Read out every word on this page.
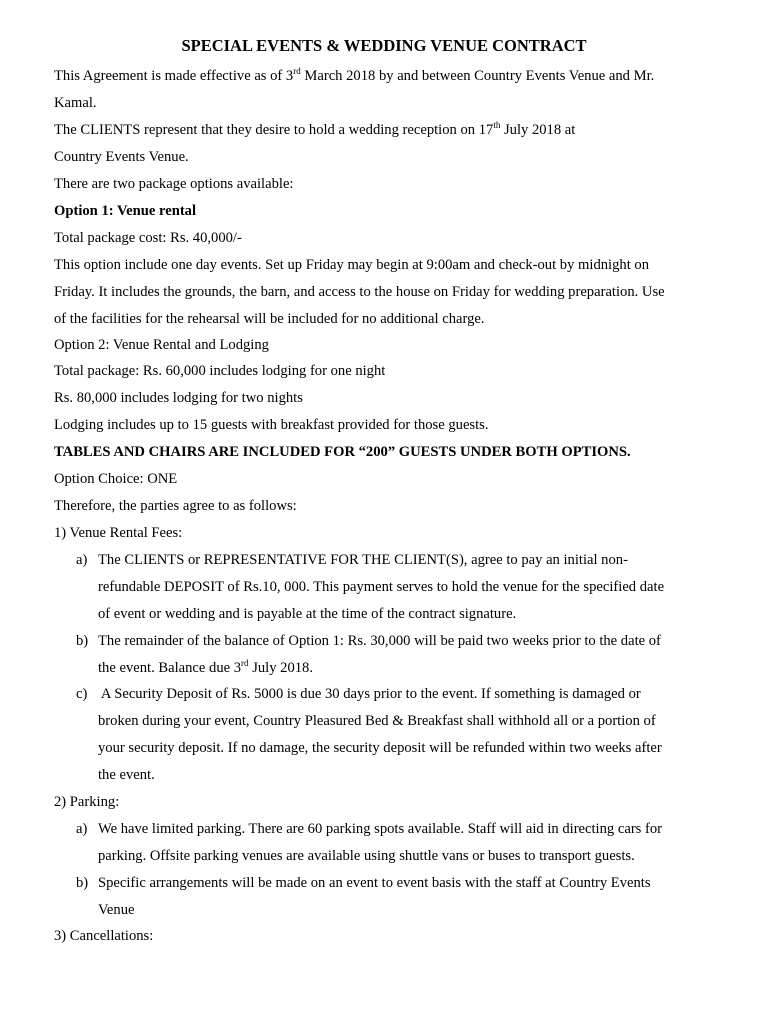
SPECIAL EVENTS & WEDDING VENUE CONTRACT
This Agreement is made effective as of 3rd March 2018 by and between Country Events Venue and Mr.
Kamal.
The CLIENTS represent that they desire to hold a wedding reception on 17th July 2018 at
Country Events Venue.
There are two package options available:
Option 1: Venue rental
Total package cost: Rs. 40,000/-
This option include one day events. Set up Friday may begin at 9:00am and check-out by midnight on
Friday. It includes the grounds, the barn, and access to the house on Friday for wedding preparation. Use
of the facilities for the rehearsal will be included for no additional charge.
Option 2: Venue Rental and Lodging
Total package: Rs. 60,000 includes lodging for one night
Rs. 80,000 includes lodging for two nights
Lodging includes up to 15 guests with breakfast provided for those guests.
TABLES AND CHAIRS ARE INCLUDED FOR “200” GUESTS UNDER BOTH OPTIONS.
Option Choice: ONE
Therefore, the parties agree to as follows:
1) Venue Rental Fees:
a) The CLIENTS or REPRESENTATIVE FOR THE CLIENT(S), agree to pay an initial non-
refundable DEPOSIT of Rs.10, 000. This payment serves to hold the venue for the specified date
of event or wedding and is payable at the time of the contract signature.
b) The remainder of the balance of Option 1: Rs. 30,000 will be paid two weeks prior to the date of
the event. Balance due 3rd July 2018.
c) A Security Deposit of Rs. 5000 is due 30 days prior to the event. If something is damaged or
broken during your event, Country Pleasured Bed & Breakfast shall withhold all or a portion of
your security deposit. If no damage, the security deposit will be refunded within two weeks after
the event.
2) Parking:
a) We have limited parking. There are 60 parking spots available. Staff will aid in directing cars for
parking. Offsite parking venues are available using shuttle vans or buses to transport guests.
b) Specific arrangements will be made on an event to event basis with the staff at Country Events
Venue
3) Cancellations:
